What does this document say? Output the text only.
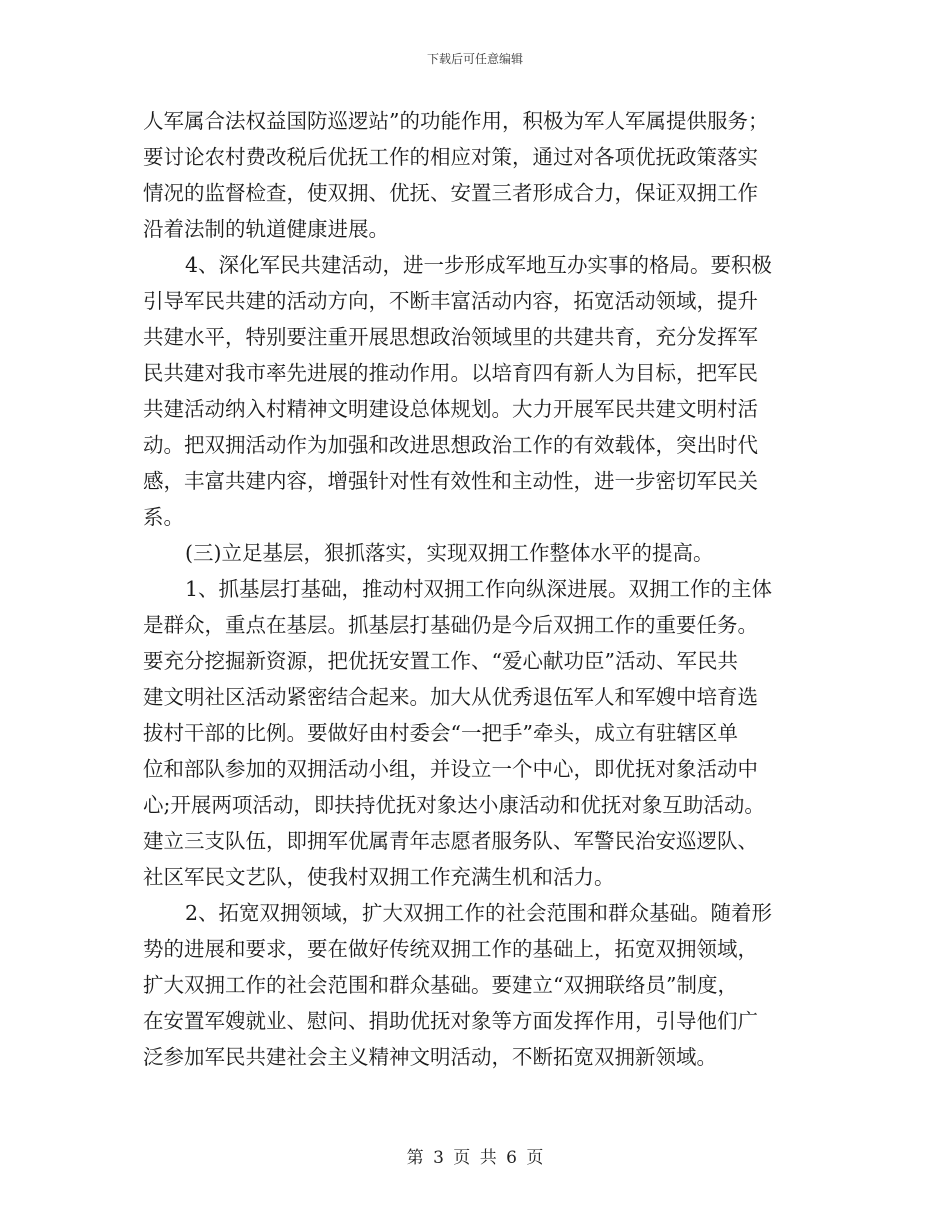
下载后可任意编辑
人军属合法权益国防巡逻站”的功能作用，积极为军人军属提供服务；
要讨论农村费改税后优抚工作的相应对策，通过对各项优抚政策落实
情况的监督检查，使双拥、优抚、安置三者形成合力，保证双拥工作
沿着法制的轨道健康进展。
4、深化军民共建活动，进一步形成军地互办实事的格局。要积极
引导军民共建的活动方向，不断丰富活动内容，拓宽活动领域，提升
共建水平，特别要注重开展思想政治领域里的共建共育，充分发挥军
民共建对我市率先进展的推动作用。以培育四有新人为目标，把军民
共建活动纳入村精神文明建设总体规划。大力开展军民共建文明村活
动。把双拥活动作为加强和改进思想政治工作的有效载体，突出时代
感，丰富共建内容，增强针对性有效性和主动性，进一步密切军民关
系。
(三)立足基层，狠抓落实，实现双拥工作整体水平的提高。
1、抓基层打基础，推动村双拥工作向纵深进展。双拥工作的主体
是群众，重点在基层。抓基层打基础仍是今后双拥工作的重要任务。
要充分挖掘新资源，把优抚安置工作、“爱心献功臣”活动、军民共
建文明社区活动紧密结合起来。加大从优秀退伍军人和军嫂中培育选
拔村干部的比例。要做好由村委会“一把手”牵头，成立有驻辖区单
位和部队参加的双拥活动小组，并设立一个中心，即优抚对象活动中
心;开展两项活动，即扶持优抚对象达小康活动和优抚对象互助活动。
建立三支队伍，即拥军优属青年志愿者服务队、军警民治安巡逻队、
社区军民文艺队，使我村双拥工作充满生机和活力。
2、拓宽双拥领域，扩大双拥工作的社会范围和群众基础。随着形
势的进展和要求，要在做好传统双拥工作的基础上，拓宽双拥领域，
扩大双拥工作的社会范围和群众基础。要建立“双拥联络员”制度，
在安置军嫂就业、慰问、捐助优抚对象等方面发挥作用，引导他们广
泛参加军民共建社会主义精神文明活动，不断拓宽双拥新领域。
第 3 页 共 6 页
